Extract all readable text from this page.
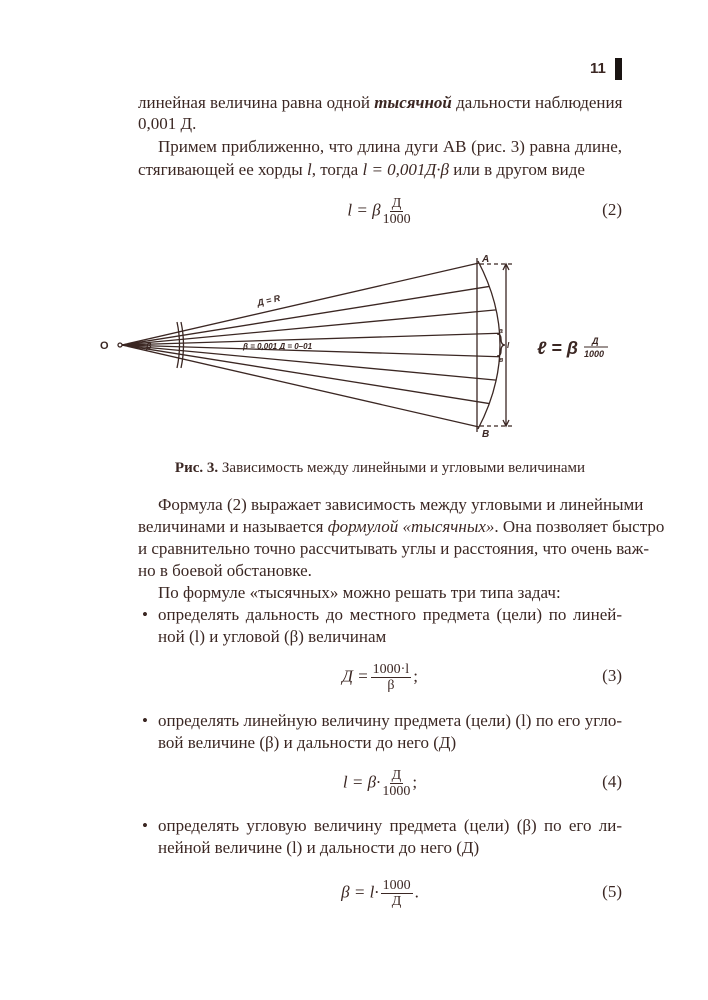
11
линейная величина равна одной тысячной дальности наблюдения
0,001 Д.
Примем приближенно, что длина дуги АВ (рис. 3) равна длине,
стягивающей ее хорды l, тогда l = 0,001Д·β или в другом виде
l = β $\frac{Д}{1000}$	(2)
O	β
Д = R
β = 0,001 Д = 0–01
A
B
a
в
l ℓ = β Д
1000
Рис. 3. Зависимость между линейными и угловыми величинами
Формула (2) выражает зависимость между угловыми и линейными
величинами и называется формулой «тысячных». Она позволяет быстро
и сравнительно точно рассчитывать углы и расстояния, что очень важ-
но в боевой обстановке.
По формуле «тысячных» можно решать три типа задач:
• определять дальность до местного предмета (цели) по линей-
ной (l) и угловой (β) величинам
$Д = \frac{1000\cdot l}{\beta}$ ;	(3)
• определять линейную величину предмета (цели) (l) по его углo-
вой величине (β) и дальности до него (Д)
$l = \beta\cdot \frac{Д}{1000}$ ;	(4)
• определять угловую величину предмета (цели) (β) по его ли-
нейной величине (l) и дальности до него (Д)
$\beta = l\cdot \frac{1000}{Д}$ .	(5)
